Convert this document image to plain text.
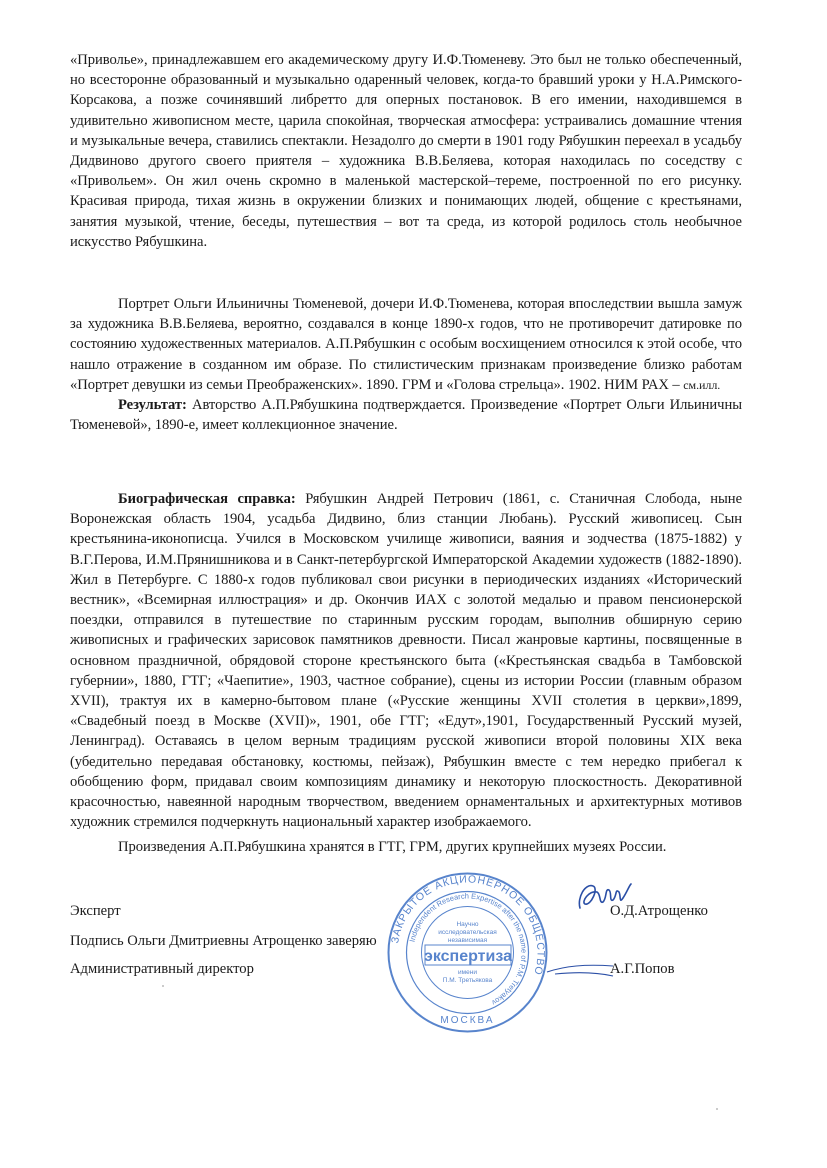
«Привольe», принадлежавшем его академическому другу И.Ф.Тюменеву. Это был не только обеспеченный, но всесторонне образованный и музыкально одаренный человек, когда-то бравший уроки у Н.А.Римского-Корсакова, а позже сочинявший либретто для оперных постановок. В его имении, находившемся в удивительно живописном месте, царила спокойная, творческая атмосфера: устраивались домашние чтения и музыкальные вечера, ставились спектакли. Незадолго до смерти в 1901 году Рябушкин переехал в усадьбу Дидвиново другого своего приятеля – художника В.В.Беляева, которая находилась по соседству с «Привольем». Он жил очень скромно в маленькой мастерской–тереме, построенной по его рисунку. Красивая природа, тихая жизнь в окружении близких и понимающих людей, общение с крестьянами, занятия музыкой, чтение, беседы, путешествия – вот та среда, из которой родилось столь необычное искусство Рябушкина.
Портрет Ольги Ильиничны Тюменевой, дочери И.Ф.Тюменева, которая впоследствии вышла замуж за художника В.В.Беляева, вероятно, создавался в конце 1890-х годов, что не противоречит датировке по состоянию художественных материалов. А.П.Рябушкин с особым восхищением относился к этой особе, что нашло отражение в созданном им образе. По стилистическим признакам произведение близко работам «Портрет девушки из семьи Преображенских». 1890. ГРМ и «Голова стрельца». 1902. НИМ РАХ – см.илл.
Результат: Авторство А.П.Рябушкина подтверждается. Произведение «Портрет Ольги Ильиничны Тюменевой», 1890-е, имеет коллекционное значение.
Биографическая справка: Рябушкин Андрей Петрович (1861, с. Станичная Слобода, ныне Воронежская область 1904, усадьба Дидвино, близ станции Любань). Русский живописец. Сын крестьянина-иконописца. Учился в Московском училище живописи, ваяния и зодчества (1875-1882) у В.Г.Перова, И.М.Прянишникова и в Санкт-петербургской Императорской Академии художеств (1882-1890). Жил в Петербурге. С 1880-х годов публиковал свои рисунки в периодических изданиях «Исторический вестник», «Всемирная иллюстрация» и др. Окончив ИАХ с золотой медалью и правом пенсионерской поездки, отправился в путешествие по старинным русским городам, выполнив обширную серию живописных и графических зарисовок памятников древности. Писал жанровые картины, посвященные в основном праздничной, обрядовой стороне крестьянского быта («Крестьянская свадьба в Тамбовской губернии», 1880, ГТГ; «Чаепитие», 1903, частное собрание), сцены из истории России (главным образом XVII), трактуя их в камерно-бытовом плане («Русские женщины XVII столетия в церкви»,1899, «Свадебный поезд в Москве (XVII)», 1901, обе ГТГ; «Едут»,1901, Государственный Русский музей, Ленинград). Оставаясь в целом верным традициям русской живописи второй половины XIX века (убедительно передавая обстановку, костюмы, пейзаж), Рябушкин вместе с тем нередко прибегал к обобщению форм, придавал своим композициям динамику и некоторую плоскостность. Декоративной красочностью, навеянной народным творчеством, введением орнаментальных и архитектурных мотивов художник стремился подчеркнуть национальный характер изображаемого.
Произведения А.П.Рябушкина хранятся в ГТГ, ГРМ, других крупнейших музеях России.
Эксперт
Подпись Ольги Дмитриевны Атрощенко заверяю
Административный директор
О.Д.Атрощенко
А.Г.Попов
ЗАКРЫТОЕ АКЦИОНЕРНОЕ ОБЩЕСТВО
Independent Research Expertise after the name of P.M. Tretyakov
Научно
исследовательская
независимая
экспертиза
имени
П.М. Третьякова
МОСКВА
